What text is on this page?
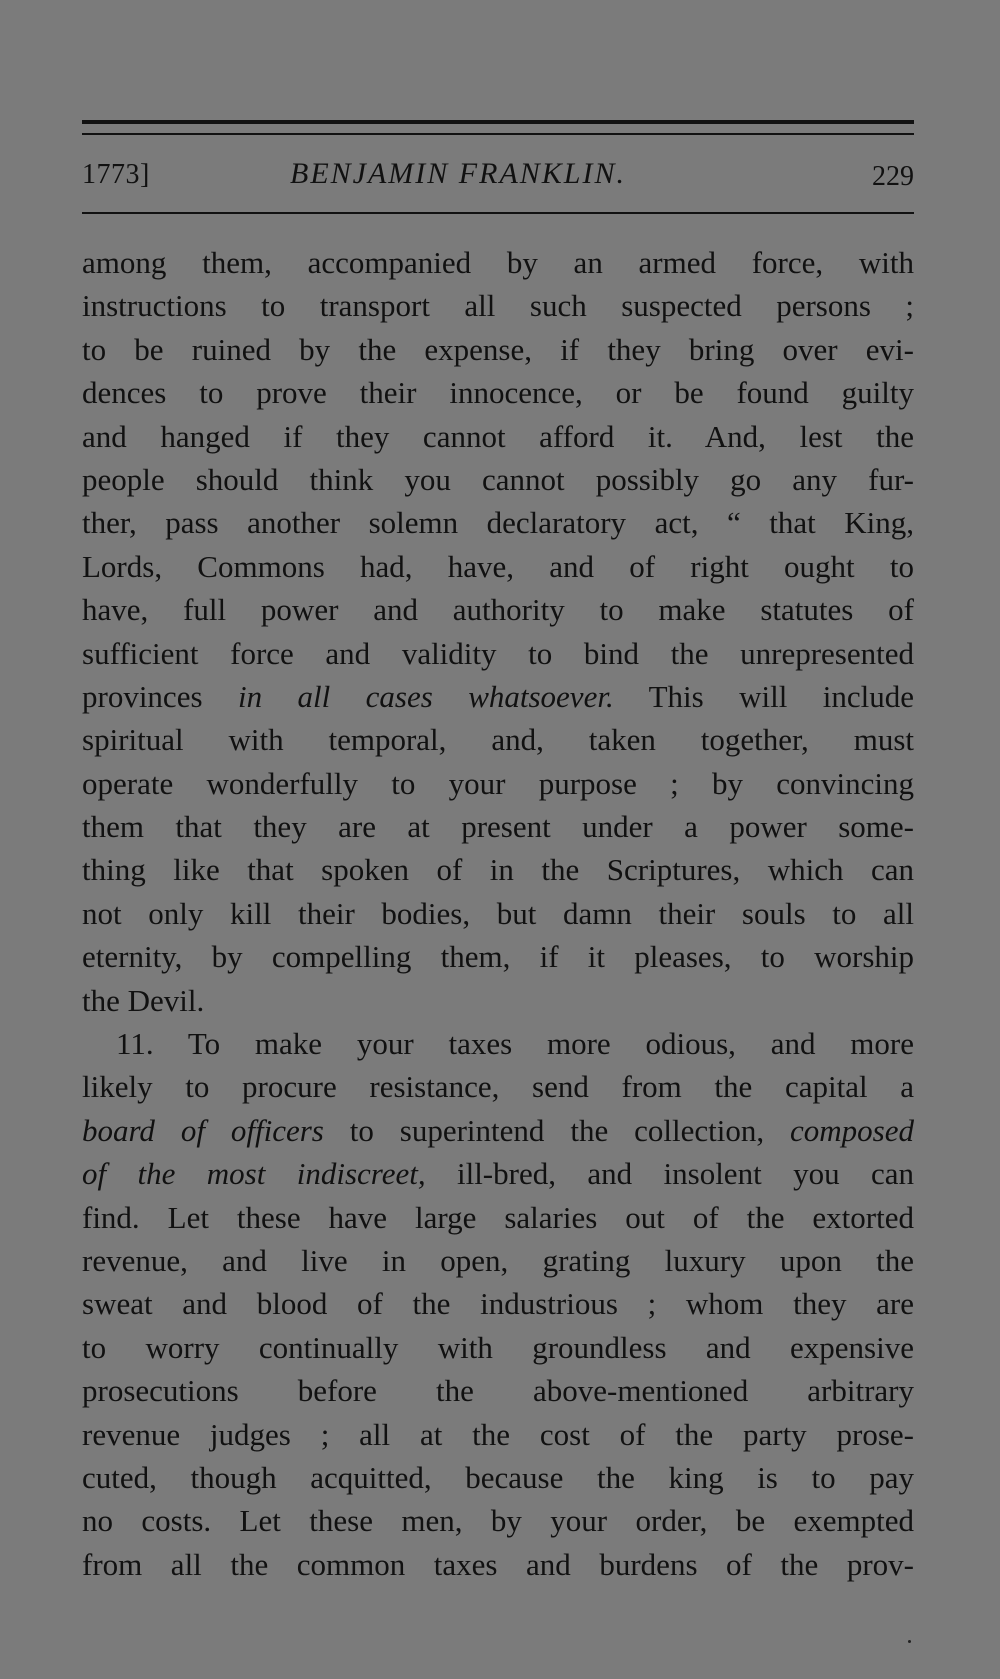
1773]	BENJAMIN FRANKLIN.	229
among them, accompanied by an armed force, with
instructions to transport all such suspected persons ;
to be ruined by the expense, if they bring over evi-
dences to prove their innocence, or be found guilty
and hanged if they cannot afford it. And, lest the
people should think you cannot possibly go any fur-
ther, pass another solemn declaratory act, “ that King,
Lords, Commons had, have, and of right ought to
have, full power and authority to make statutes of
sufficient force and validity to bind the unrepresented
provinces in all cases whatsoever. This will include
spiritual with temporal, and, taken together, must
operate wonderfully to your purpose ; by convincing
them that they are at present under a power some-
thing like that spoken of in the Scriptures, which can
not only kill their bodies, but damn their souls to all
eternity, by compelling them, if it pleases, to worship
the Devil.
11. To make your taxes more odious, and more
likely to procure resistance, send from the capital a
board of officers to superintend the collection, composed
of the most indiscreet, ill-bred, and insolent you can
find. Let these have large salaries out of the extorted
revenue, and live in open, grating luxury upon the
sweat and blood of the industrious ; whom they are
to worry continually with groundless and expensive
prosecutions before the above-mentioned arbitrary
revenue judges ; all at the cost of the party prose-
cuted, though acquitted, because the king is to pay
no costs. Let these men, by your order, be exempted
from all the common taxes and burdens of the prov-
